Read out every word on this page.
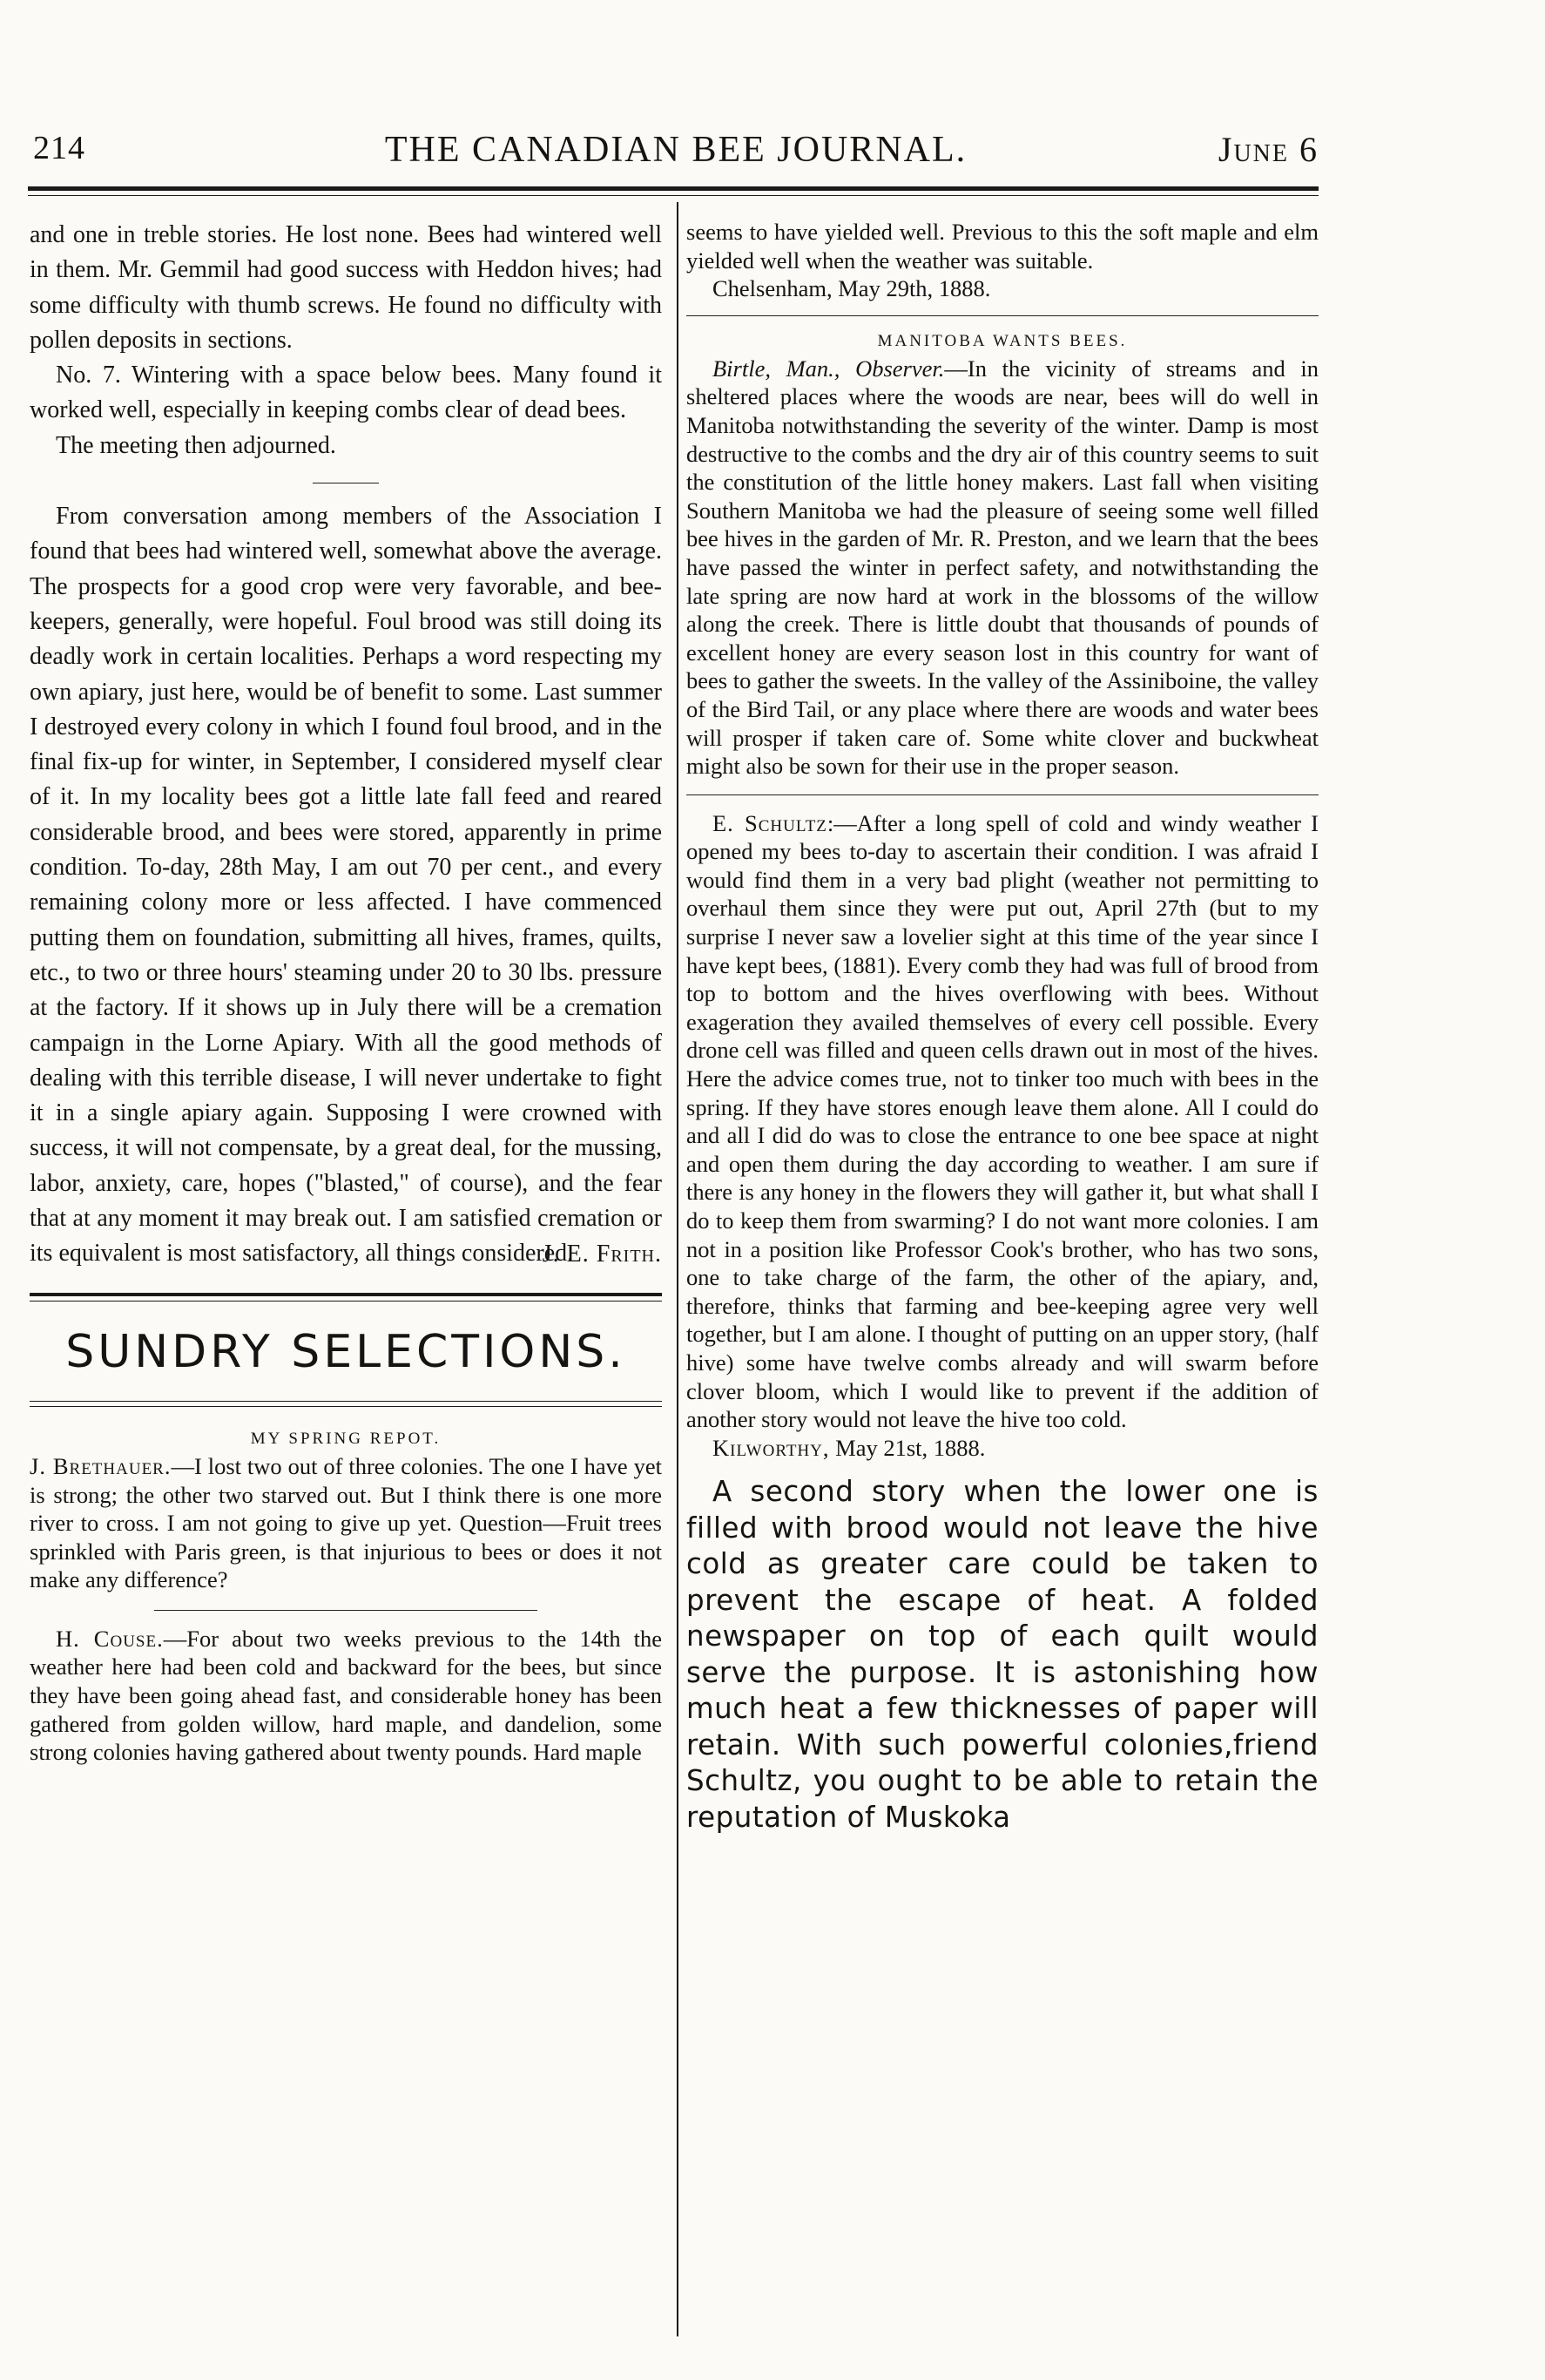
214	THE CANADIAN BEE JOURNAL.	June 6

and one in treble stories. He lost none. Bees had wintered well in them. Mr. Gemmil had good success with Heddon hives; had some difficulty with thumb screws. He found no difficulty with pollen deposits in sections.

No. 7. Wintering with a space below bees. Many found it worked well, especially in keeping combs clear of dead bees.

The meeting then adjourned.

From conversation among members of the Association I found that bees had wintered well, somewhat above the average. The prospects for a good crop were very favorable, and bee-keepers, generally, were hopeful. Foul brood was still doing its deadly work in certain localities. Perhaps a word respecting my own apiary, just here, would be of benefit to some. Last summer I destroyed every colony in which I found foul brood, and in the final fix-up for winter, in September, I considered myself clear of it. In my locality bees got a little late fall feed and reared considerable brood, and bees were stored, apparently in prime condition. To-day, 28th May, I am out 70 per cent., and every remaining colony more or less affected. I have commenced putting them on foundation, submitting all hives, frames, quilts, etc., to two or three hours' steaming under 20 to 30 lbs. pressure at the factory. If it shows up in July there will be a cremation campaign in the Lorne Apiary. With all the good methods of dealing with this terrible disease, I will never undertake to fight it in a single apiary again. Supposing I were crowned with success, it will not compensate, by a great deal, for the mussing, labor, anxiety, care, hopes ("blasted," of course), and the fear that at any moment it may break out. I am satisfied cremation or its equivalent is most satisfactory, all things considered.

J. E. Frith.

SUNDRY SELECTIONS.
MY SPRING REPOT.

J. Brethauer.—I lost two out of three colonies. The one I have yet is strong; the other two starved out. But I think there is one more river to cross. I am not going to give up yet. Question—Fruit trees sprinkled with Paris green, is that injurious to bees or does it not make any difference?

H. Couse.—For about two weeks previous to the 14th the weather here had been cold and backward for the bees, but since they have been going ahead fast, and considerable honey has been gathered from golden willow, hard maple, and dandelion, some strong colonies having gathered about twenty pounds. Hard maple

seems to have yielded well. Previous to this the soft maple and elm yielded well when the weather was suitable.

Chelsenham, May 29th, 1888.

MANITOBA WANTS BEES.

Birtle, Man., Observer.—In the vicinity of streams and in sheltered places where the woods are near, bees will do well in Manitoba notwithstanding the severity of the winter. Damp is most destructive to the combs and the dry air of this country seems to suit the constitution of the little honey makers. Last fall when visiting Southern Manitoba we had the pleasure of seeing some well filled bee hives in the garden of Mr. R. Preston, and we learn that the bees have passed the winter in perfect safety, and notwithstanding the late spring are now hard at work in the blossoms of the willow along the creek. There is little doubt that thousands of pounds of excellent honey are every season lost in this country for want of bees to gather the sweets. In the valley of the Assiniboine, the valley of the Bird Tail, or any place where there are woods and water bees will prosper if taken care of. Some white clover and buckwheat might also be sown for their use in the proper season.

E. Schultz:—After a long spell of cold and windy weather I opened my bees to-day to ascertain their condition. I was afraid I would find them in a very bad plight (weather not permitting to overhaul them since they were put out, April 27th (but to my surprise I never saw a lovelier sight at this time of the year since I have kept bees, (1881). Every comb they had was full of brood from top to bottom and the hives overflowing with bees. Without exageration they availed themselves of every cell possible. Every drone cell was filled and queen cells drawn out in most of the hives. Here the advice comes true, not to tinker too much with bees in the spring. If they have stores enough leave them alone. All I could do and all I did do was to close the entrance to one bee space at night and open them during the day according to weather. I am sure if there is any honey in the flowers they will gather it, but what shall I do to keep them from swarming? I do not want more colonies. I am not in a position like Professor Cook's brother, who has two sons, one to take charge of the farm, the other of the apiary, and, therefore, thinks that farming and bee-keeping agree very well together, but I am alone. I thought of putting on an upper story, (half hive) some have twelve combs already and will swarm before clover bloom, which I would like to prevent if the addition of another story would not leave the hive too cold.

Kilworthy, May 21st, 1888.

A second story when the lower one is filled with brood would not leave the hive cold as greater care could be taken to prevent the escape of heat. A folded newspaper on top of each quilt would serve the purpose. It is astonishing how much heat a few thicknesses of paper will retain. With such powerful colonies,friend Schultz, you ought to be able to retain the reputation of Muskoka
